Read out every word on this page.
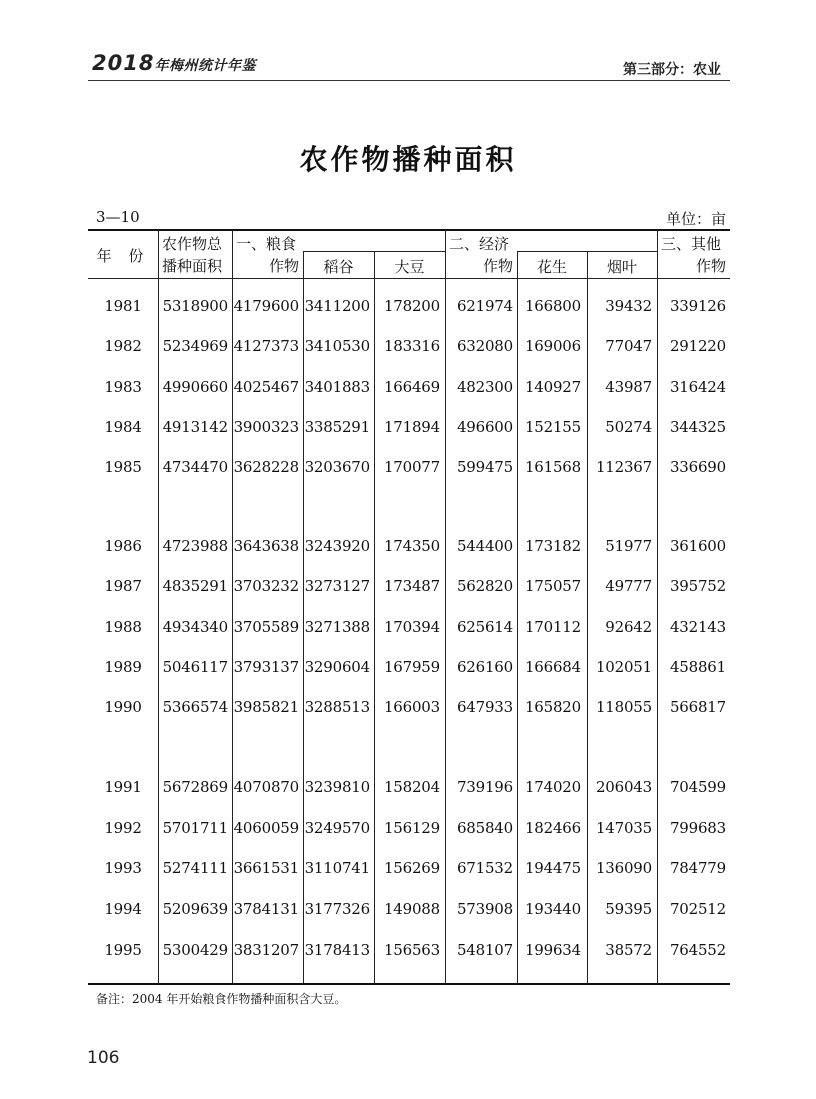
2018年梅州统计年鉴	第三部分：农业
农作物播种面积
3—10	单位：亩
年 份
农作物总
播种面积
一、粮食
作物	稻谷	大豆
二、经济
作物	花生	烟叶
三、其他
作物
1981	5318900 4179600 3411200 178200	621974 166800	39432	339126
1982	5234969 4127373 3410530 183316	632080 169006	77047	291220
1983	4990660 4025467 3401883 166469	482300 140927	43987	316424
1984	4913142 3900323 3385291 171894	496600 152155	50274	344325
1985	4734470 3628228 3203670 170077	599475 161568 112367	336690
1986	4723988 3643638 3243920 174350	544400 173182	51977	361600
1987	4835291 3703232 3273127 173487	562820 175057	49777	395752
1988	4934340 3705589 3271388 170394	625614 170112	92642	432143
1989	5046117 3793137 3290604 167959	626160 166684 102051	458861
1990	5366574 3985821 3288513 166003	647933 165820 118055	566817
1991	5672869 4070870 3239810 158204	739196 174020 206043	704599
1992	5701711 4060059 3249570 156129	685840 182466 147035	799683
1993	5274111 3661531 3110741 156269	671532 194475 136090	784779
1994	5209639 3784131 3177326 149088	573908 193440	59395	702512
1995	5300429 3831207 3178413 156563	548107 199634	38572	764552
备注：2004 年开始粮食作物播种面积含大豆。
106
